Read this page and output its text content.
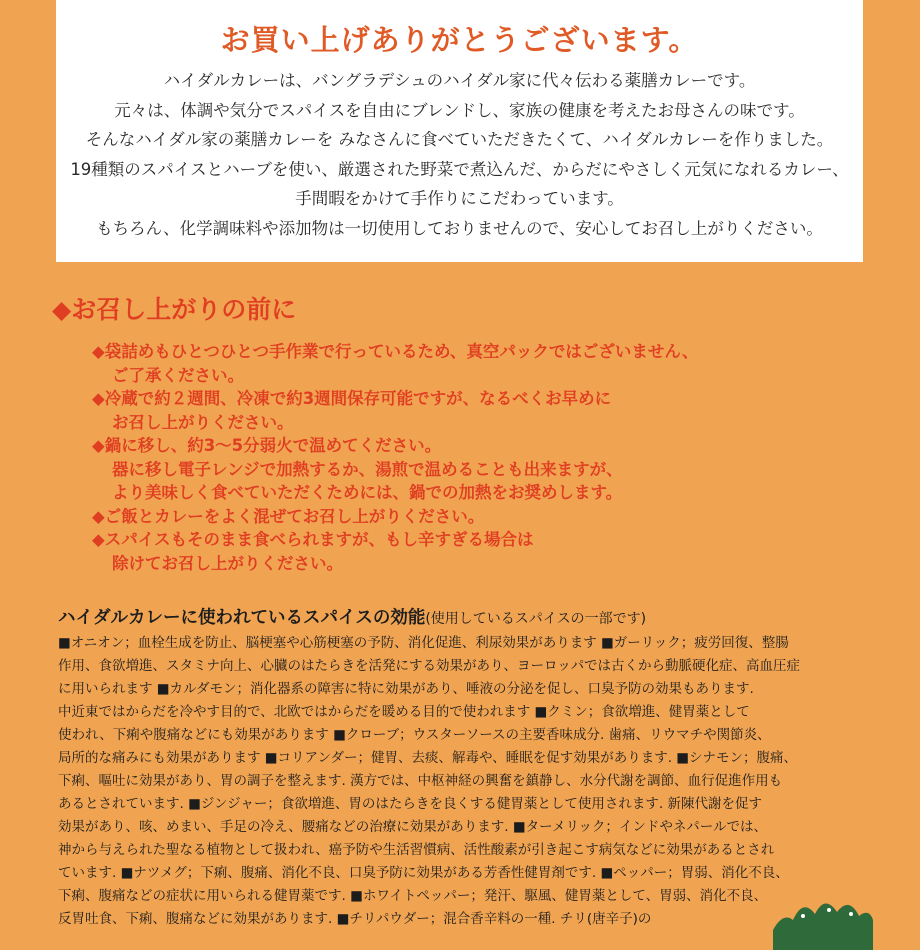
お買い上げありがとうございます。
ハイダルカレーは、バングラデシュのハイダル家に代々伝わる薬膳カレーです。
元々は、体調や気分でスパイスを自由にブレンドし、家族の健康を考えたお母さんの味です。
そんなハイダル家の薬膳カレーを みなさんに食べていただきたくて、ハイダルカレーを作りました。
19種類のスパイスとハーブを使い、厳選された野菜で煮込んだ、からだにやさしく元気になれるカレー、
手間暇をかけて手作りにこだわっています。
もちろん、化学調味料や添加物は一切使用しておりませんので、安心してお召し上がりください。
◆お召し上がりの前に
◆袋詰めもひとつひとつ手作業で行っているため、真空パックではございません、
ご了承ください。
◆冷蔵で約２週間、冷凍で約3週間保存可能ですが、なるべくお早めに
お召し上がりください。
◆鍋に移し、約3～5分弱火で温めてください。
器に移し電子レンジで加熱するか、湯煎で温めることも出来ますが、
より美味しく食べていただくためには、鍋での加熱をお奨めします。
◆ご飯とカレーをよく混ぜてお召し上がりください。
◆スパイスもそのまま食べられますが、もし辛すぎる場合は
除けてお召し上がりください。
ハイダルカレーに使われているスパイスの効能(使用しているスパイスの一部です)
■オニオン；血栓生成を防止、脳梗塞や心筋梗塞の予防、消化促進、利尿効果があります ■ガーリック；疲労回復、整腸
作用、食欲増進、スタミナ向上、心臓のはたらきを活発にする効果があり、ヨーロッパでは古くから動脈硬化症、高血圧症
に用いられます ■カルダモン；消化器系の障害に特に効果があり、唾液の分泌を促し、口臭予防の効果もあります.
中近東ではからだを冷やす目的で、北欧ではからだを暖める目的で使われます ■クミン；食欲増進、健胃薬として
使われ、下痢や腹痛などにも効果があります ■クローブ；ウスターソースの主要香味成分. 歯痛、リウマチや関節炎、
局所的な痛みにも効果があります ■コリアンダー；健胃、去痰、解毒や、睡眠を促す効果があります. ■シナモン；腹痛、
下痢、嘔吐に効果があり、胃の調子を整えます. 漢方では、中枢神経の興奮を鎮静し、水分代謝を調節、血行促進作用も
あるとされています. ■ジンジャー；食欲増進、胃のはたらきを良くする健胃薬として使用されます. 新陳代謝を促す
効果があり、咳、めまい、手足の冷え、腰痛などの治療に効果があります. ■ターメリック；インドやネパールでは、
神から与えられた聖なる植物として扱われ、癌予防や生活習慣病、活性酸素が引き起こす病気などに効果があるとされ
ています. ■ナツメグ；下痢、腹痛、消化不良、口臭予防に効果がある芳香性健胃剤です. ■ペッパー；胃弱、消化不良、
下痢、腹痛などの症状に用いられる健胃薬です. ■ホワイトペッパー；発汗、駆風、健胃薬として、胃弱、消化不良、
反胃吐食、下痢、腹痛などに効果があります. ■チリパウダー；混合香辛料の一種. チリ(唐辛子)の
